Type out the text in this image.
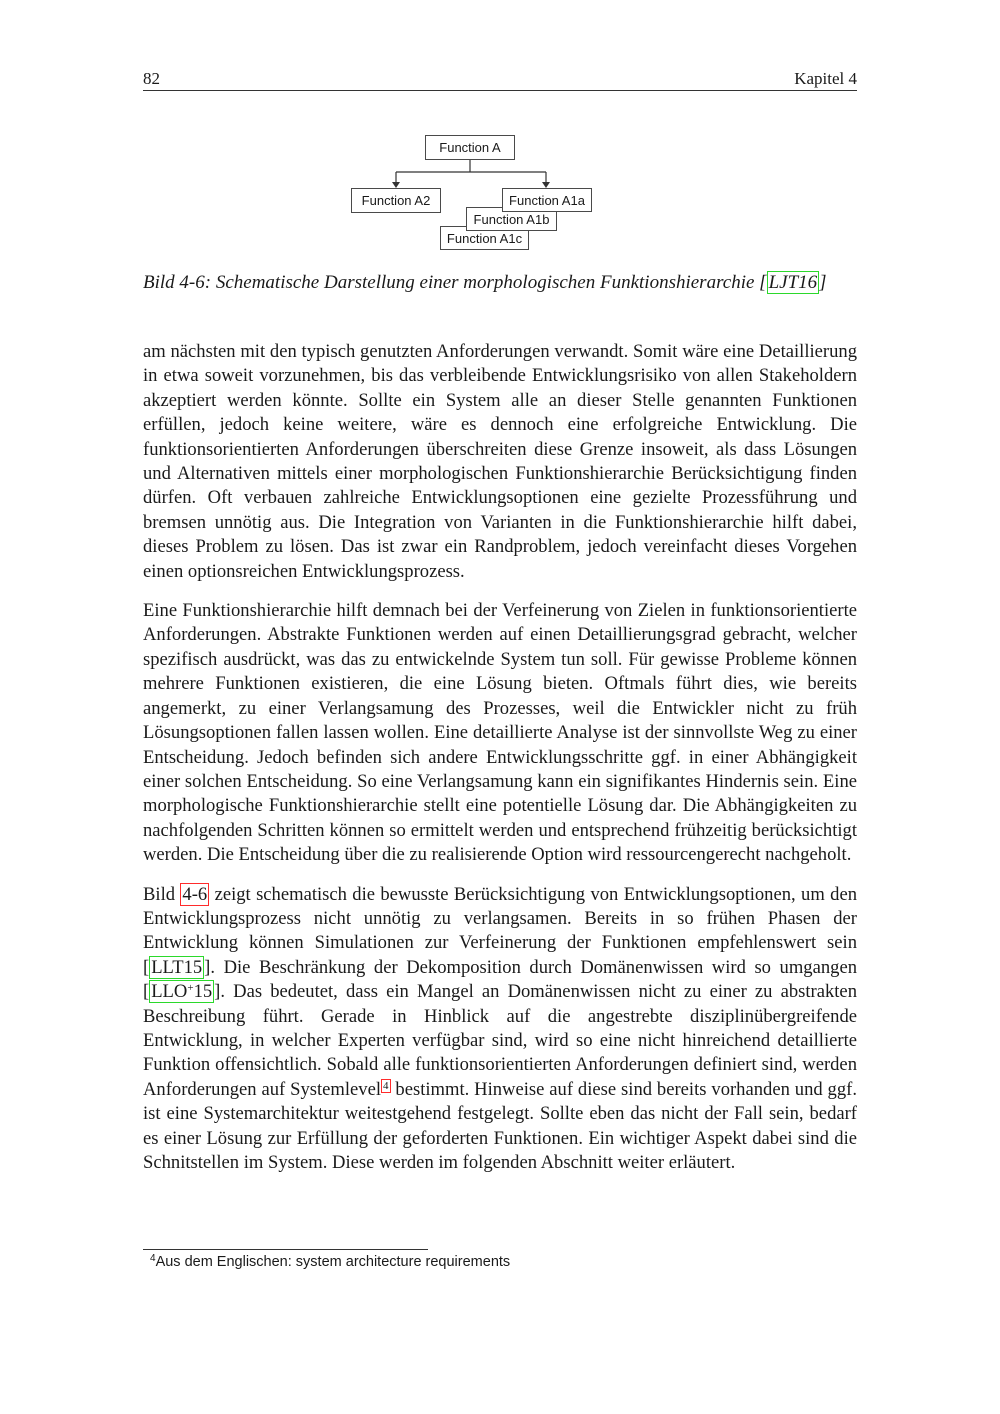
82	Kapitel 4
Function A
Function A2
Function A1c
Function A1b
Function A1a
Bild 4-6: Schematische Darstellung einer morphologischen Funktionshierarchie [ LJT16 ]

am nächsten mit den typisch genutzten Anforderungen verwandt. Somit wäre eine Detaillierung in etwa soweit vorzunehmen, bis das verbleibende Entwicklungsrisiko von allen Stakeholdern akzeptiert werden könnte. Sollte ein System alle an dieser Stelle genannten Funktionen erfüllen, jedoch keine weitere, wäre es dennoch eine erfolgreiche Entwicklung. Die funktionsorientierten Anforderungen überschreiten diese Grenze insoweit, als dass Lösungen und Alternativen mittels einer morphologischen Funktionshierarchie Berücksichtigung finden dürfen. Oft verbauen zahlreiche Entwicklungsoptionen eine gezielte Prozessführung und bremsen unnötig aus. Die Integration von Varianten in die Funktionshierarchie hilft dabei, dieses Problem zu lösen. Das ist zwar ein Randproblem, jedoch vereinfacht dieses Vorgehen einen optionsreichen Entwicklungsprozess.

Eine Funktionshierarchie hilft demnach bei der Verfeinerung von Zielen in funktionsorientierte Anforderungen. Abstrakte Funktionen werden auf einen Detaillierungsgrad gebracht, welcher spezifisch ausdrückt, was das zu entwickelnde System tun soll. Für gewisse Probleme können mehrere Funktionen existieren, die eine Lösung bieten. Oftmals führt dies, wie bereits angemerkt, zu einer Verlangsamung des Prozesses, weil die Entwickler nicht zu früh Lösungsoptionen fallen lassen wollen. Eine detaillierte Analyse ist der sinnvollste Weg zu einer Entscheidung. Jedoch befinden sich andere Entwicklungsschritte ggf. in einer Abhängigkeit einer solchen Entscheidung. So eine Verlangsamung kann ein signifikantes Hindernis sein. Eine morphologische Funktionshierarchie stellt eine potentielle Lösung dar. Die Abhängigkeiten zu nachfolgenden Schritten können so ermittelt werden und entsprechend frühzeitig berücksichtigt werden. Die Entscheidung über die zu realisierende Option wird ressourcengerecht nachgeholt.

Bild 4-6 zeigt schematisch die bewusste Berücksichtigung von Entwicklungsoptionen, um den Entwicklungsprozess nicht unnötig zu verlangsamen. Bereits in so frühen Phasen der Entwicklung können Simulationen zur Verfeinerung der Funktionen empfehlenswert sein [ LLT15 ]. Die Beschränkung der Dekomposition durch Domänenwissen wird so umgangen [ LLO+15 ]. Das bedeutet, dass ein Mangel an Domänenwissen nicht zu einer zu abstrakten Beschreibung führt. Gerade in Hinblick auf die angestrebte disziplinübergreifende Entwicklung, in welcher Experten verfügbar sind, wird so eine nicht hinreichend detaillierte Funktion offensichtlich. Sobald alle funktionsorientierten Anforderungen definiert sind, werden Anforderungen auf Systemlevel $^4$ bestimmt. Hinweise auf diese sind bereits vorhanden und ggf. ist eine Systemarchitektur weitestgehend festgelegt. Sollte eben das nicht der Fall sein, bedarf es einer Lösung zur Erfüllung der geforderten Funktionen. Ein wichtiger Aspekt dabei sind die Schnitstellen im System. Diese werden im folgenden Abschnitt weiter erläutert.

$^4$Aus dem Englischen: system architecture requirements
